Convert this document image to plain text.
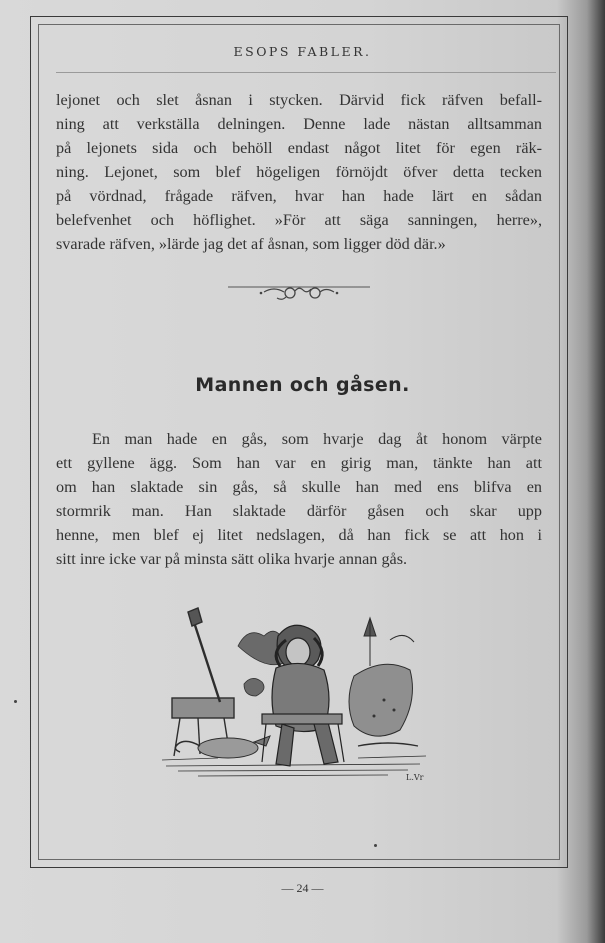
ESOPS FABLER.

lejonet och slet åsnan i stycken. Därvid fick räfven befall-
ning att verkställa delningen. Denne lade nästan alltsamman
på lejonets sida och behöll endast något litet för egen räk-
ning. Lejonet, som blef högeligen förnöjdt öfver detta tecken
på vördnad, frågade räfven, hvar han hade lärt en sådan
belefvenhet och höflighet. »För att säga sanningen, herre»,
svarade räfven, »lärde jag det af åsnan, som ligger död där.»

Mannen och gåsen.

En man hade en gås, som hvarje dag åt honom värpte
ett gyllene ägg. Som han var en girig man, tänkte han att
om han slaktade sin gås, så skulle han med ens blifva en
stormrik man. Han slaktade därför gåsen och skar upp
henne, men blef ej litet nedslagen, då han fick se att hon i
sitt inre icke var på minsta sätt olika hvarje annan gås.

L.Vr
— 24 —
